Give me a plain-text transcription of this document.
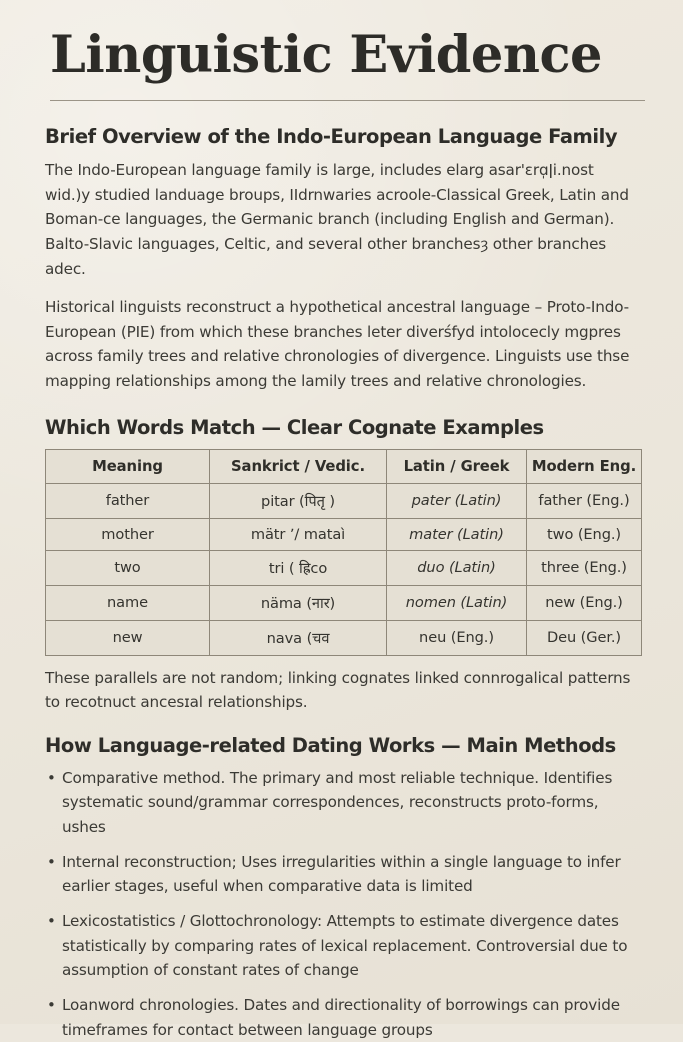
Linguistic Evidence
Brief Overview of the Indo-European Language Family

The Indo-European language family is large, includes elarg asar'ɛrɑ̩ǀi.nost wid.)y studied landuage broups, IIdrnwaries acroole-Classical Greek, Latin and Boman-ce languages, the Germanic branch (including English and German). Balto-Slavic languages, Celtic, and several other branchesȝ other branches adec.

Historical linguists reconstruct a hypothetical ancestral language – Proto-Indo-European (PIE) from which these branches leter diverśfyd intolocecly mgpres across family trees and relative chronologies of divergence. Linguists use thse mapping relationships among the lamily trees and relative chronologies.

Which Words Match — Clear Cognate Examples
Meaning	Sankrict / Vedic.	Latin / Greek	Modern Eng.
father	pitar (पितृ )	pater (Latin)	father (Eng.)
mother	mätr ʼ/ mataì	mater (Latin)	two (Eng.)
two	tri ( ह्रिcо	duo (Latin)	three (Eng.)
name	näma (नार)	nomen (Latin)	new (Eng.)
new	nava (चव	neu (Eng.)	Deu (Ger.)

These parallels are not random; linking cognates linked connrogalical patterns to recotnuct ancesɪal relationships.

How Language-related Dating Works — Main Methods
• Comparative method. The primary and most reliable technique. Identifies systematic sound/grammar correspondences, reconstructs proto-forms, ushes
• Internal reconstruction; Uses irregularities within a single language to infer earlier stages, useful when comparative data is limited
• Lexicostatistics / Glottochronology: Attempts to estimate divergence dates statistically by comparing rates of lexical replacement. Controversial due to assumption of constant rates of change
• Loanword chronologies. Dates and directionality of borrowings can provide timeframes for contact between language groups
